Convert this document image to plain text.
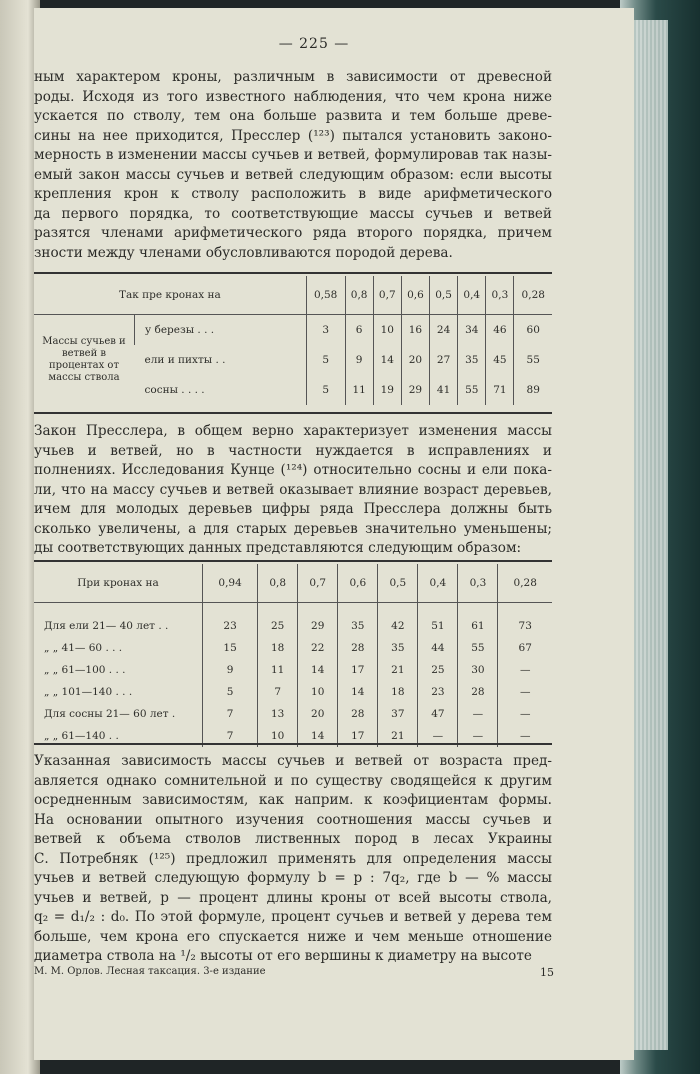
— 225 —
ным характером кроны, различным в зависимости от древесной
роды. Исходя из того известного наблюдения, что чем крона ниже
ускается по стволу, тем она больше развита и тем больше древе-
сины на нее приходится, Пресслер (¹²³) пытался установить законо-
мерность в изменении массы сучьев и ветвей, формулировав так назы-
емый закон массы сучьев и ветвей следующим образом: если высоты
крепления крон к стволу расположить в виде арифметического
да первого порядка, то соответствующие массы сучьев и ветвей
разятся членами арифметического ряда второго порядка, причем
зности между членами обусловливаются породой дерева.
Так пре кронах на		0,58	0,8	0,7	0,6	0,5	0,4	0,3	0,28
Массы сучьев и ветвей в процентах от массы ствола	у березы . . .	3	6	10	16	24	34	46	60
	ели и пихты . .	5	9	14	20	27	35	45	55
	сосны . . . .	5	11	19	29	41	55	71	89
Закон Пресслера, в общем верно характеризует изменения массы
учьев и ветвей, но в частности нуждается в исправлениях и
полнениях. Исследования Кунце (¹²⁴) относительно сосны и ели пока-
ли, что на массу сучьев и ветвей оказывает влияние возраст деревьев,
ичем для молодых деревьев цифры ряда Пресслера должны быть
сколько увеличены, а для старых деревьев значительно уменьшены;
ды соответствующих данных представляются следующим образом:
При кронах на	0,94	0,8	0,7	0,6	0,5	0,4	0,3	0,28

Для ели 21— 40 лет . .	23	25	29	35	42	51	61	73
„ „ 41— 60 . . .	15	18	22	28	35	44	55	67
„ „ 61—100 . . .	9	11	14	17	21	25	30	—
„ „ 101—140 . . .	5	7	10	14	18	23	28	—
Для сосны 21— 60 лет .	7	13	20	28	37	47	—	—
„ „ 61—140 . .	7	10	14	17	21	—	—	—
Указанная зависимость массы сучьев и ветвей от возраста пред-
авляется однако сомнительной и по существу сводящейся к другим
осредненным зависимостям, как наприм. к коэфициентам формы.
На основании опытного изучения соотношения массы сучьев и
ветвей к объема стволов лиственных пород в лесах Украины
С. Потребняк (¹²⁵) предложил применять для определения массы
учьев и ветвей следующую формулу b = p : 7q₂, где b — % массы
учьев и ветвей, p — процент длины кроны от всей высоты ствола,
q₂ = d₁/₂ : d₀. По этой формуле, процент сучьев и ветвей у дерева тем
больше, чем крона его спускается ниже и чем меньше отношение
диаметра ствола на ¹/₂ высоты от его вершины к диаметру на высоте
М. М. Орлов. Лесная таксация. 3-е издание	15
